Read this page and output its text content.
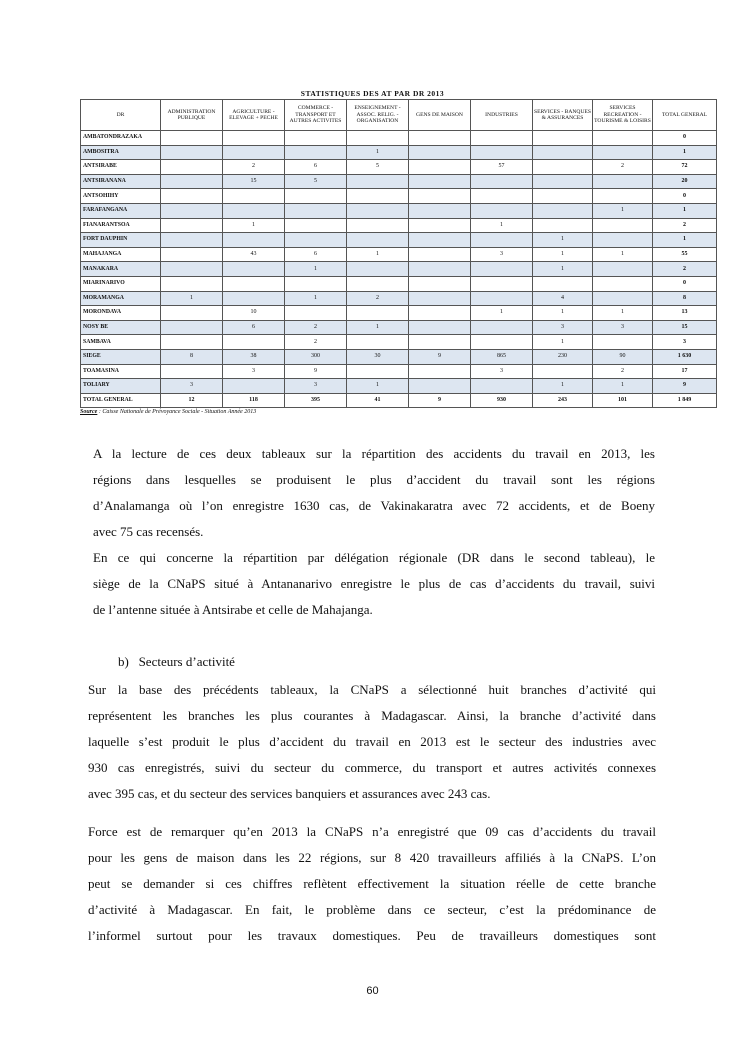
STATISTIQUES DES AT PAR DR 2013
DR	ADMINISTRATION PUBLIQUE	AGRICULTURE - ELEVAGE + PECHE	COMMERCE - TRANSPORT ET AUTRES ACTIVITES	ENSEIGNEMENT - ASSOC. RELIG. - ORGANISATION	GENS DE MAISON	INDUSTRIES	SERVICES - BANQUES & ASSURANCES	SERVICES RECREATION - TOURISME & LOISIRS	TOTAL GENERAL
AMBATONDRAZAKA									0
AMBOSITRA				1					1
ANTSIRABE		2	6	5		57		2	72
ANTSIRANANA		15	5						20
ANTSOHIHY									0
FARAFANGANA								1	1
FIANARANTSOA		1				1			2
FORT DAUPHIN							1		1
MAHAJANGA		43	6	1		3	1	1	55
MANAKARA			1				1		2
MIARINARIVO									0
MORAMANGA	1		1	2			4		8
MORONDAVA		10				1	1	1	13
NOSY BE		6	2	1			3	3	15
SAMBAVA			2				1		3
SIEGE	8	38	300	30	9	865	230	90	1 630
TOAMASINA		3	9			3		2	17
TOLIARY	3		3	1			1	1	9
TOTAL GENERAL	12	118	395	41	9	930	243	101	1 849
Source : Caisse Nationale de Prévoyance Sociale - Situation Année 2013
A la lecture de ces deux tableaux sur la répartition des accidents du travail en 2013, les
régions dans lesquelles se produisent le plus d’accident du travail sont les régions
d’Analamanga où l’on enregistre 1630 cas, de Vakinakaratra avec 72 accidents, et de Boeny
avec 75 cas recensés.
En ce qui concerne la répartition par délégation régionale (DR dans le second tableau), le
siège de la CNaPS situé à Antananarivo enregistre le plus de cas d’accidents du travail, suivi
de l’antenne située à Antsirabe et celle de Mahajanga.
b)  Secteurs d’activité
Sur la base des précédents tableaux, la CNaPS a sélectionné huit branches d’activité qui
représentent les branches les plus courantes à Madagascar. Ainsi, la branche d’activité dans
laquelle s’est produit le plus d’accident du travail en 2013 est le secteur des industries avec
930 cas enregistrés, suivi du secteur du commerce, du transport et autres activités connexes
avec 395 cas, et du secteur des services banquiers et assurances avec 243 cas.
Force est de remarquer qu’en 2013 la CNaPS n’a enregistré que 09 cas d’accidents du travail
pour les gens de maison dans les 22 régions, sur 8 420 travailleurs affiliés à la CNaPS. L’on
peut se demander si ces chiffres reflètent effectivement la situation réelle de cette branche
d’activité à Madagascar. En fait, le problème dans ce secteur, c’est la prédominance de
l’informel surtout pour les travaux domestiques. Peu de travailleurs domestiques sont
60
